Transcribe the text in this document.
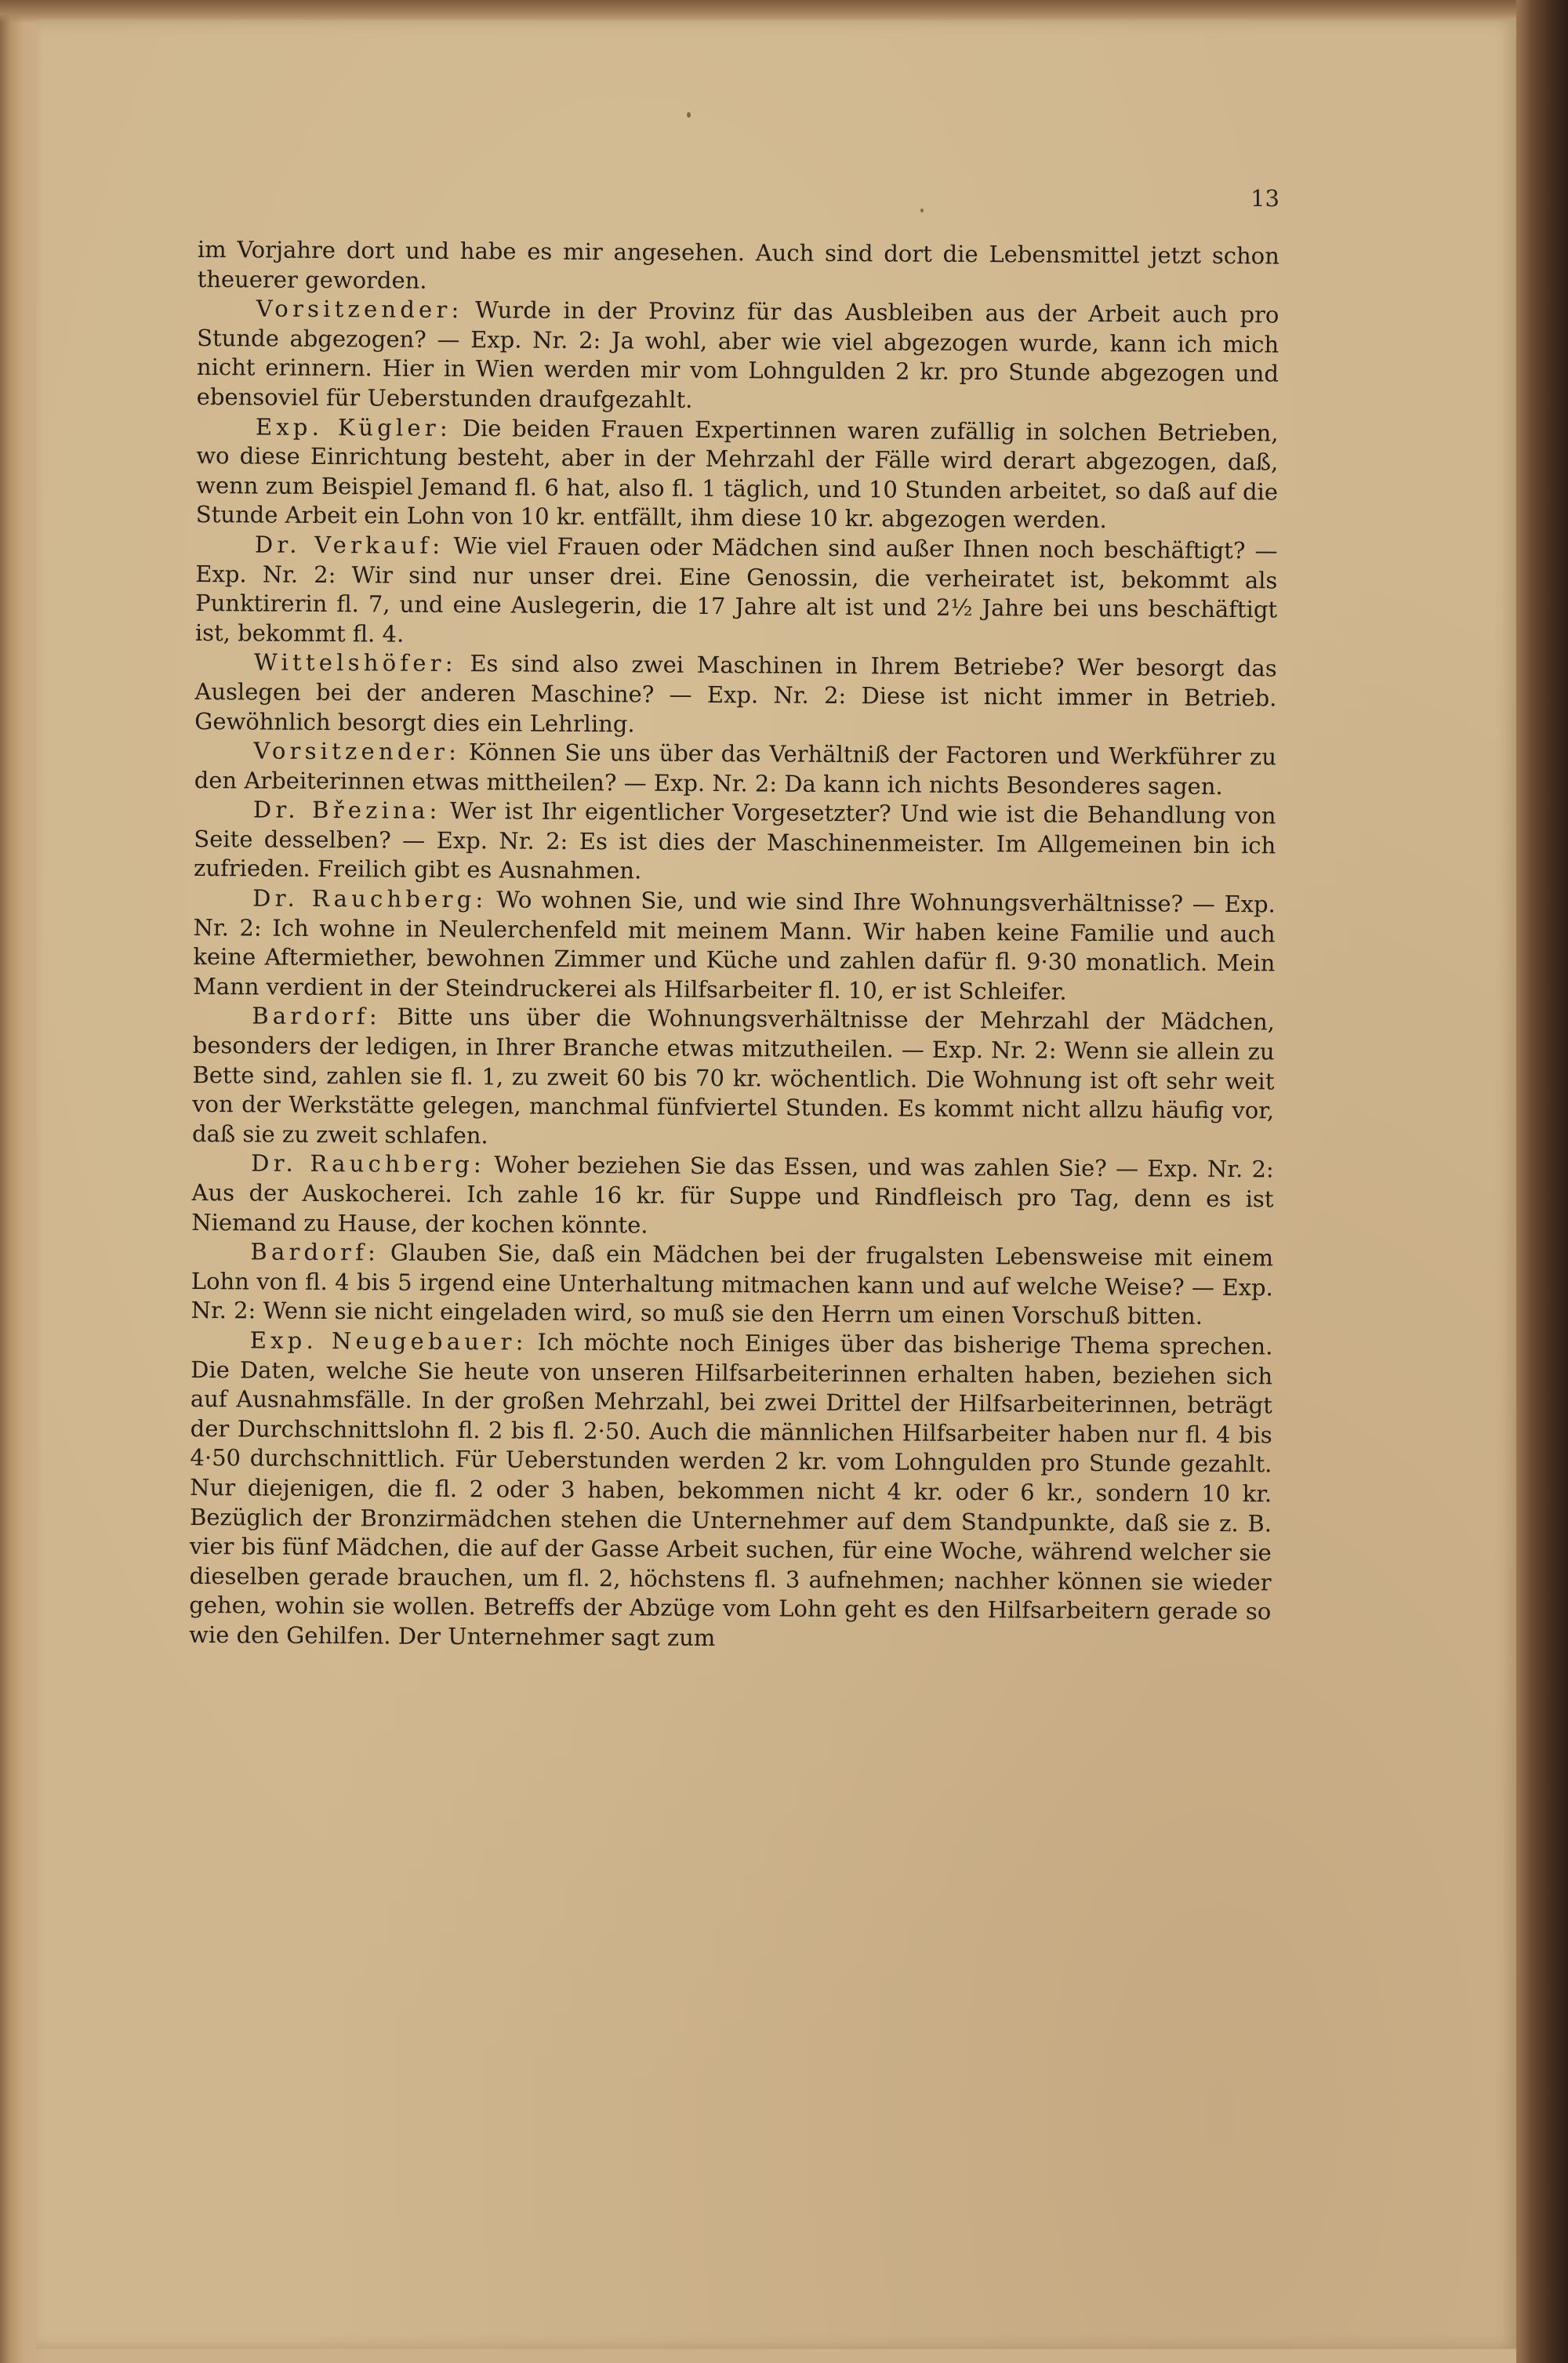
13

im Vorjahre dort und habe es mir angesehen. Auch sind dort die Lebensmittel jetzt schon theuerer geworden.

Vorsitzender: Wurde in der Provinz für das Ausbleiben aus der Arbeit auch pro Stunde abgezogen? — Exp. Nr. 2: Ja wohl, aber wie viel abgezogen wurde, kann ich mich nicht erinnern. Hier in Wien werden mir vom Lohngulden 2 kr. pro Stunde abgezogen und ebensoviel für Ueberstunden draufgezahlt.

Exp. Kügler: Die beiden Frauen Expertinnen waren zufällig in solchen Betrieben, wo diese Einrichtung besteht, aber in der Mehrzahl der Fälle wird derart abgezogen, daß, wenn zum Beispiel Jemand fl. 6 hat, also fl. 1 täglich, und 10 Stunden arbeitet, so daß auf die Stunde Arbeit ein Lohn von 10 kr. entfällt, ihm diese 10 kr. abgezogen werden.

Dr. Verkauf: Wie viel Frauen oder Mädchen sind außer Ihnen noch beschäftigt? — Exp. Nr. 2: Wir sind nur unser drei. Eine Genossin, die verheiratet ist, bekommt als Punktirerin fl. 7, und eine Auslegerin, die 17 Jahre alt ist und 2½ Jahre bei uns beschäftigt ist, bekommt fl. 4.

Wittelshöfer: Es sind also zwei Maschinen in Ihrem Betriebe? Wer besorgt das Auslegen bei der anderen Maschine? — Exp. Nr. 2: Diese ist nicht immer in Betrieb. Gewöhnlich besorgt dies ein Lehrling.

Vorsitzender: Können Sie uns über das Verhältniß der Factoren und Werkführer zu den Arbeiterinnen etwas mittheilen? — Exp. Nr. 2: Da kann ich nichts Besonderes sagen.

Dr. Březina: Wer ist Ihr eigentlicher Vorgesetzter? Und wie ist die Behandlung von Seite desselben? — Exp. Nr. 2: Es ist dies der Maschinenmeister. Im Allgemeinen bin ich zufrieden. Freilich gibt es Ausnahmen.

Dr. Rauchberg: Wo wohnen Sie, und wie sind Ihre Wohnungsverhältnisse? — Exp. Nr. 2: Ich wohne in Neulerchenfeld mit meinem Mann. Wir haben keine Familie und auch keine Aftermiether, bewohnen Zimmer und Küche und zahlen dafür fl. 9·30 monatlich. Mein Mann verdient in der Steindruckerei als Hilfsarbeiter fl. 10, er ist Schleifer.

Bardorf: Bitte uns über die Wohnungsverhältnisse der Mehrzahl der Mädchen, besonders der ledigen, in Ihrer Branche etwas mitzutheilen. — Exp. Nr. 2: Wenn sie allein zu Bette sind, zahlen sie fl. 1, zu zweit 60 bis 70 kr. wöchentlich. Die Wohnung ist oft sehr weit von der Werkstätte gelegen, manchmal fünfviertel Stunden. Es kommt nicht allzu häufig vor, daß sie zu zweit schlafen.

Dr. Rauchberg: Woher beziehen Sie das Essen, und was zahlen Sie? — Exp. Nr. 2: Aus der Auskocherei. Ich zahle 16 kr. für Suppe und Rindfleisch pro Tag, denn es ist Niemand zu Hause, der kochen könnte.

Bardorf: Glauben Sie, daß ein Mädchen bei der frugalsten Lebensweise mit einem Lohn von fl. 4 bis 5 irgend eine Unterhaltung mitmachen kann und auf welche Weise? — Exp. Nr. 2: Wenn sie nicht eingeladen wird, so muß sie den Herrn um einen Vorschuß bitten.

Exp. Neugebauer: Ich möchte noch Einiges über das bisherige Thema sprechen. Die Daten, welche Sie heute von unseren Hilfsarbeiterinnen erhalten haben, beziehen sich auf Ausnahmsfälle. In der großen Mehrzahl, bei zwei Drittel der Hilfsarbeiterinnen, beträgt der Durchschnittslohn fl. 2 bis fl. 2·50. Auch die männlichen Hilfsarbeiter haben nur fl. 4 bis 4·50 durchschnittlich. Für Ueberstunden werden 2 kr. vom Lohngulden pro Stunde gezahlt. Nur diejenigen, die fl. 2 oder 3 haben, bekommen nicht 4 kr. oder 6 kr., sondern 10 kr. Bezüglich der Bronzirmädchen stehen die Unternehmer auf dem Standpunkte, daß sie z. B. vier bis fünf Mädchen, die auf der Gasse Arbeit suchen, für eine Woche, während welcher sie dieselben gerade brauchen, um fl. 2, höchstens fl. 3 aufnehmen; nachher können sie wieder gehen, wohin sie wollen. Betreffs der Abzüge vom Lohn geht es den Hilfsarbeitern gerade so wie den Gehilfen. Der Unternehmer sagt zum
